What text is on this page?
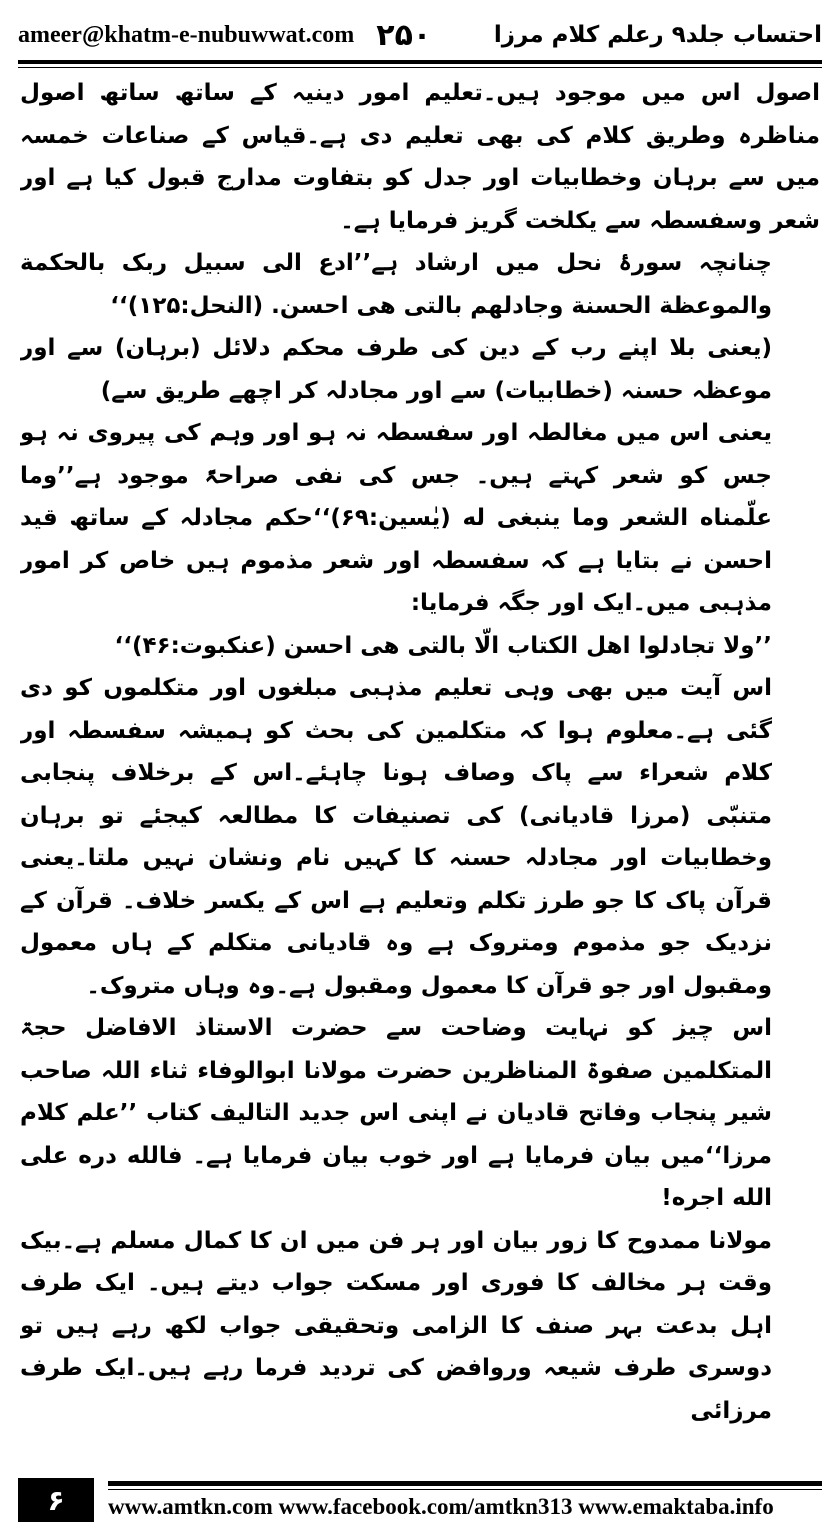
ameer@khatm-e-nubuwwat.com ۲۵۰	احتساب جلد۹ رعلم کلام مرزا

اصول اس میں موجود ہیں۔تعلیم امور دینیہ کے ساتھ ساتھ اصول مناظرہ وطریق کلام کی بھی تعلیم دی ہے۔قیاس کے صناعات خمسہ میں سے برہان وخطابیات اور جدل کو بتفاوت مدارج قبول کیا ہے اور شعر وسفسطہ سے یکلخت گریز فرمایا ہے۔

چنانچہ سورۂ نحل میں ارشاد ہے’’ادع الی سبیل ربک بالحکمة والموعظة الحسنة وجادلهم بالتی هی احسن. (النحل:۱۲۵)‘‘

(یعنی بلا اپنے رب کے دین کی طرف محکم دلائل (برہان) سے اور موعظہ حسنہ (خطابیات) سے اور مجادلہ کر اچھے طریق سے)

یعنی اس میں مغالطہ اور سفسطہ نہ ہو اور وہم کی پیروی نہ ہو جس کو شعر کہتے ہیں۔ جس کی نفی صراحۃً موجود ہے’’وما علّمناه الشعر وما ینبغی له (یٰسین:۶۹)‘‘حکم مجادلہ کے ساتھ قید احسن نے بتایا ہے کہ سفسطہ اور شعر مذموم ہیں خاص کر امور مذہبی میں۔ایک اور جگہ فرمایا:

’’ولا تجادلوا اهل الكتاب الّا بالتی هی احسن (عنکبوت:۴۶)‘‘

اس آیت میں بھی وہی تعلیم مذہبی مبلغوں اور متکلموں کو دی گئی ہے۔معلوم ہوا کہ متکلمین کی بحث کو ہمیشہ سفسطہ اور کلام شعراء سے پاک وصاف ہونا چاہئے۔اس کے برخلاف پنجابی متنبّی (مرزا قادیانی) کی تصنیفات کا مطالعہ کیجئے تو برہان وخطابیات اور مجادلہ حسنہ کا کہیں نام ونشان نہیں ملتا۔یعنی قرآن پاک کا جو طرز تکلم وتعلیم ہے اس کے یکسر خلاف۔ قرآن کے نزدیک جو مذموم ومتروک ہے وہ قادیانی متکلم کے ہاں معمول ومقبول اور جو قرآن کا معمول ومقبول ہے۔وہ وہاں متروک۔

اس چیز کو نہایت وضاحت سے حضرت الاستاذ الافاضل حجۃ المتکلمین صفوۃ المناظرین حضرت مولانا ابوالوفاء ثناء اللہ صاحب شیر پنجاب وفاتح قادیان نے اپنی اس جدید التالیف کتاب ’’علم کلام مرزا‘‘میں بیان فرمایا ہے اور خوب بیان فرمایا ہے۔ فالله دره علی الله اجره!

مولانا ممدوح کا زور بیان اور ہر فن میں ان کا کمال مسلم ہے۔بیک وقت ہر مخالف کا فوری اور مسکت جواب دیتے ہیں۔ ایک طرف اہل بدعت بہر صنف کا الزامی وتحقیقی جواب لکھ رہے ہیں تو دوسری طرف شیعہ وروافض کی تردید فرما رہے ہیں۔ایک طرف مرزائی

۶	www.amtkn.com www.facebook.com/amtkn313 www.emaktaba.info
